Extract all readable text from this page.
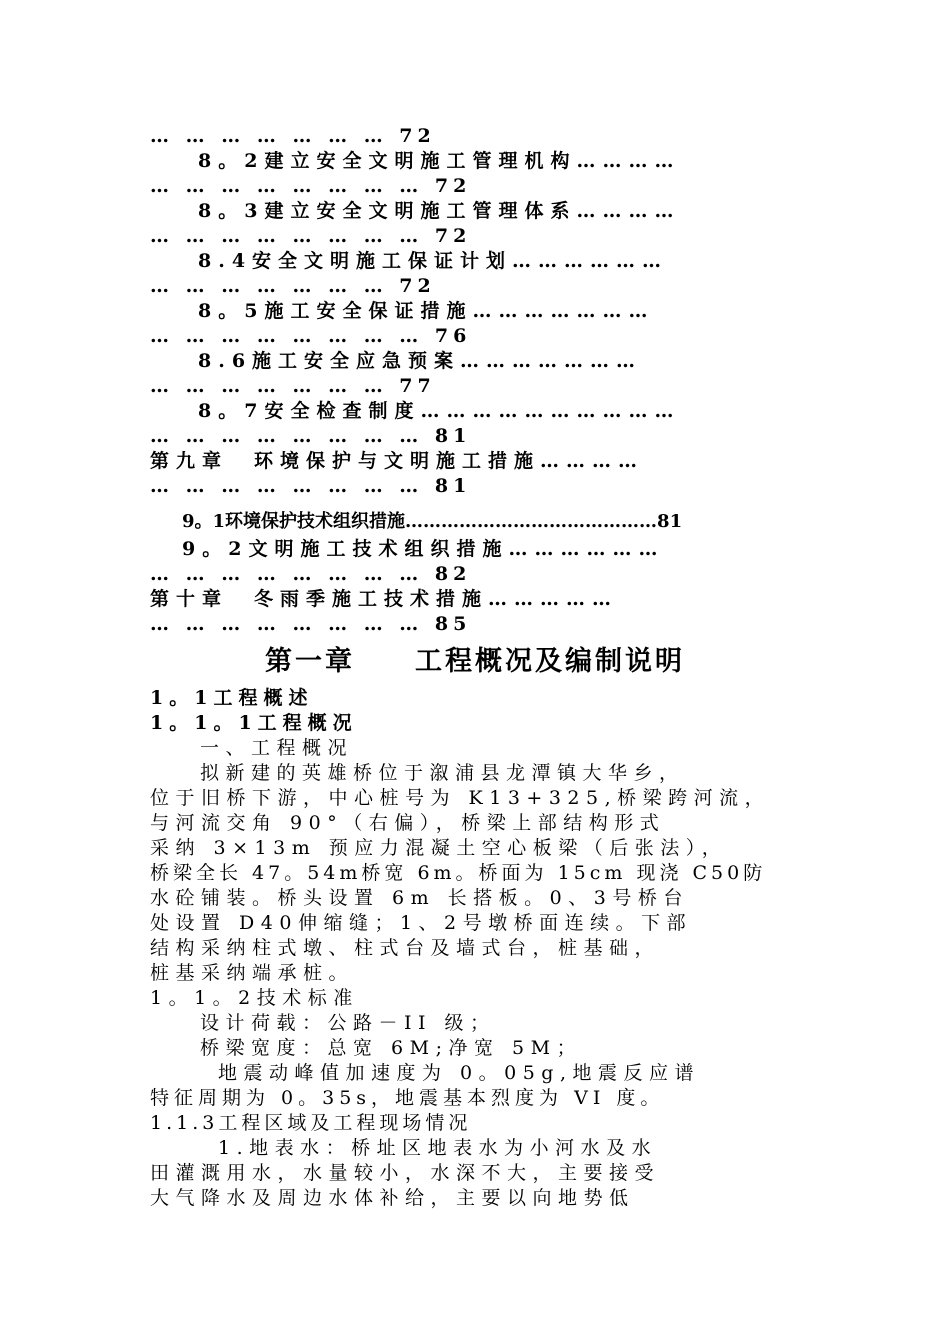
… … … … … … … 72
8。2建立安全文明施工管理机构…………
… … … … … … … … 72
8。3建立安全文明施工管理体系…………
… … … … … … … … 72
8.4安全文明施工保证计划………………
… … … … … … … 72
8。5施工安全保证措施…………………
… … … … … … … … 76
8.6施工安全应急预案…………………
… … … … … … … 77
8。7安全检查制度…………………………
… … … … … … … … 81
第九章　环境保护与文明施工措施…………
… … … … … … … … 81
9。1环境保护技术组织措施……………………………………81
9。2文明施工技术组织措施………………
… … … … … … … … 82
第十章　冬雨季施工技术措施……………
… … … … … … … … 85
第一章　　工程概况及编制说明
1。1工程概述
1。1。1工程概况
一、工程概况
拟新建的英雄桥位于溆浦县龙潭镇大华乡，
位于旧桥下游，中心桩号为 K13+325,桥梁跨河流，
与河流交角 90°（右偏），桥梁上部结构形式
采纳 3×13m 预应力混凝土空心板梁（后张法），
桥梁全长 47。54m桥宽 6m。桥面为 15cm 现浇 C50防
水砼铺装。桥头设置 6m 长搭板。0、3号桥台
处设置 D40伸缩缝；1、2号墩桥面连续。下部
结构采纳柱式墩、柱式台及墙式台，桩基础，
桩基采纳端承桩。
1。1。2技术标准
设计荷载：公路－II 级；
桥梁宽度：总宽 6M;净宽 5M；
地震动峰值加速度为 0。05g,地震反应谱
特征周期为 0。35s，地震基本烈度为 VI 度。
1.1.3工程区域及工程现场情况
1.地表水：桥址区地表水为小河水及水
田灌溉用水，水量较小，水深不大，主要接受
大气降水及周边水体补给，主要以向地势低
